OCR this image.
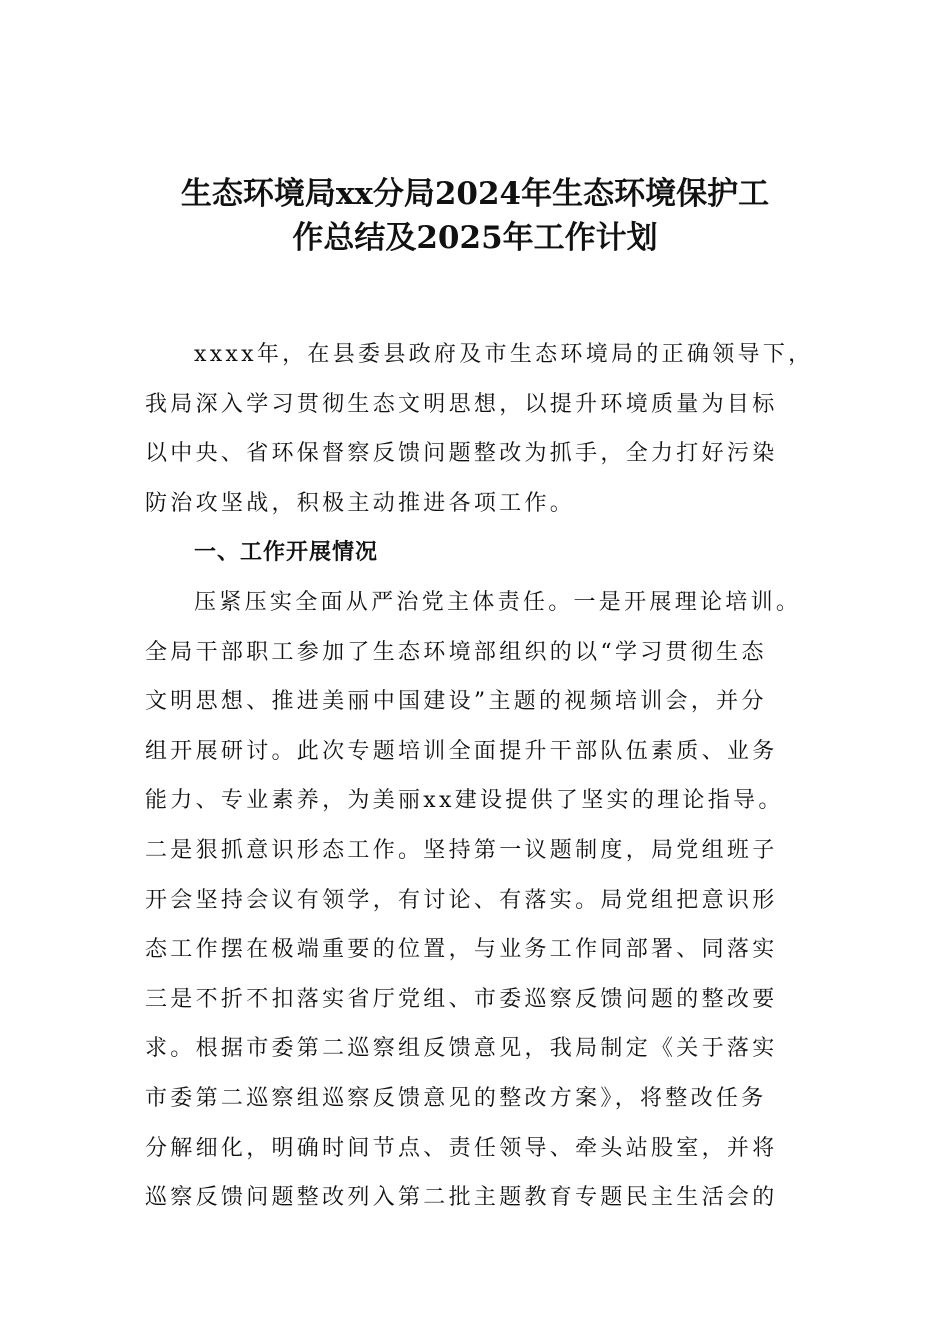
生态环境局xx分局2024年生态环境保护工
作总结及2025年工作计划
xxxx年，在县委县政府及市生态环境局的正确领导下，
我局深入学习贯彻生态文明思想，以提升环境质量为目标
以中央、省环保督察反馈问题整改为抓手，全力打好污染
防治攻坚战，积极主动推进各项工作。
一、工作开展情况
压紧压实全面从严治党主体责任。一是开展理论培训。
全局干部职工参加了生态环境部组织的以“学习贯彻生态
文明思想、推进美丽中国建设”主题的视频培训会，并分
组开展研讨。此次专题培训全面提升干部队伍素质、业务
能力、专业素养，为美丽xx建设提供了坚实的理论指导。
二是狠抓意识形态工作。坚持第一议题制度，局党组班子
开会坚持会议有领学，有讨论、有落实。局党组把意识形
态工作摆在极端重要的位置，与业务工作同部署、同落实
三是不折不扣落实省厅党组、市委巡察反馈问题的整改要
求。根据市委第二巡察组反馈意见，我局制定《关于落实
市委第二巡察组巡察反馈意见的整改方案》，将整改任务
分解细化，明确时间节点、责任领导、牵头站股室，并将
巡察反馈问题整改列入第二批主题教育专题民主生活会的
